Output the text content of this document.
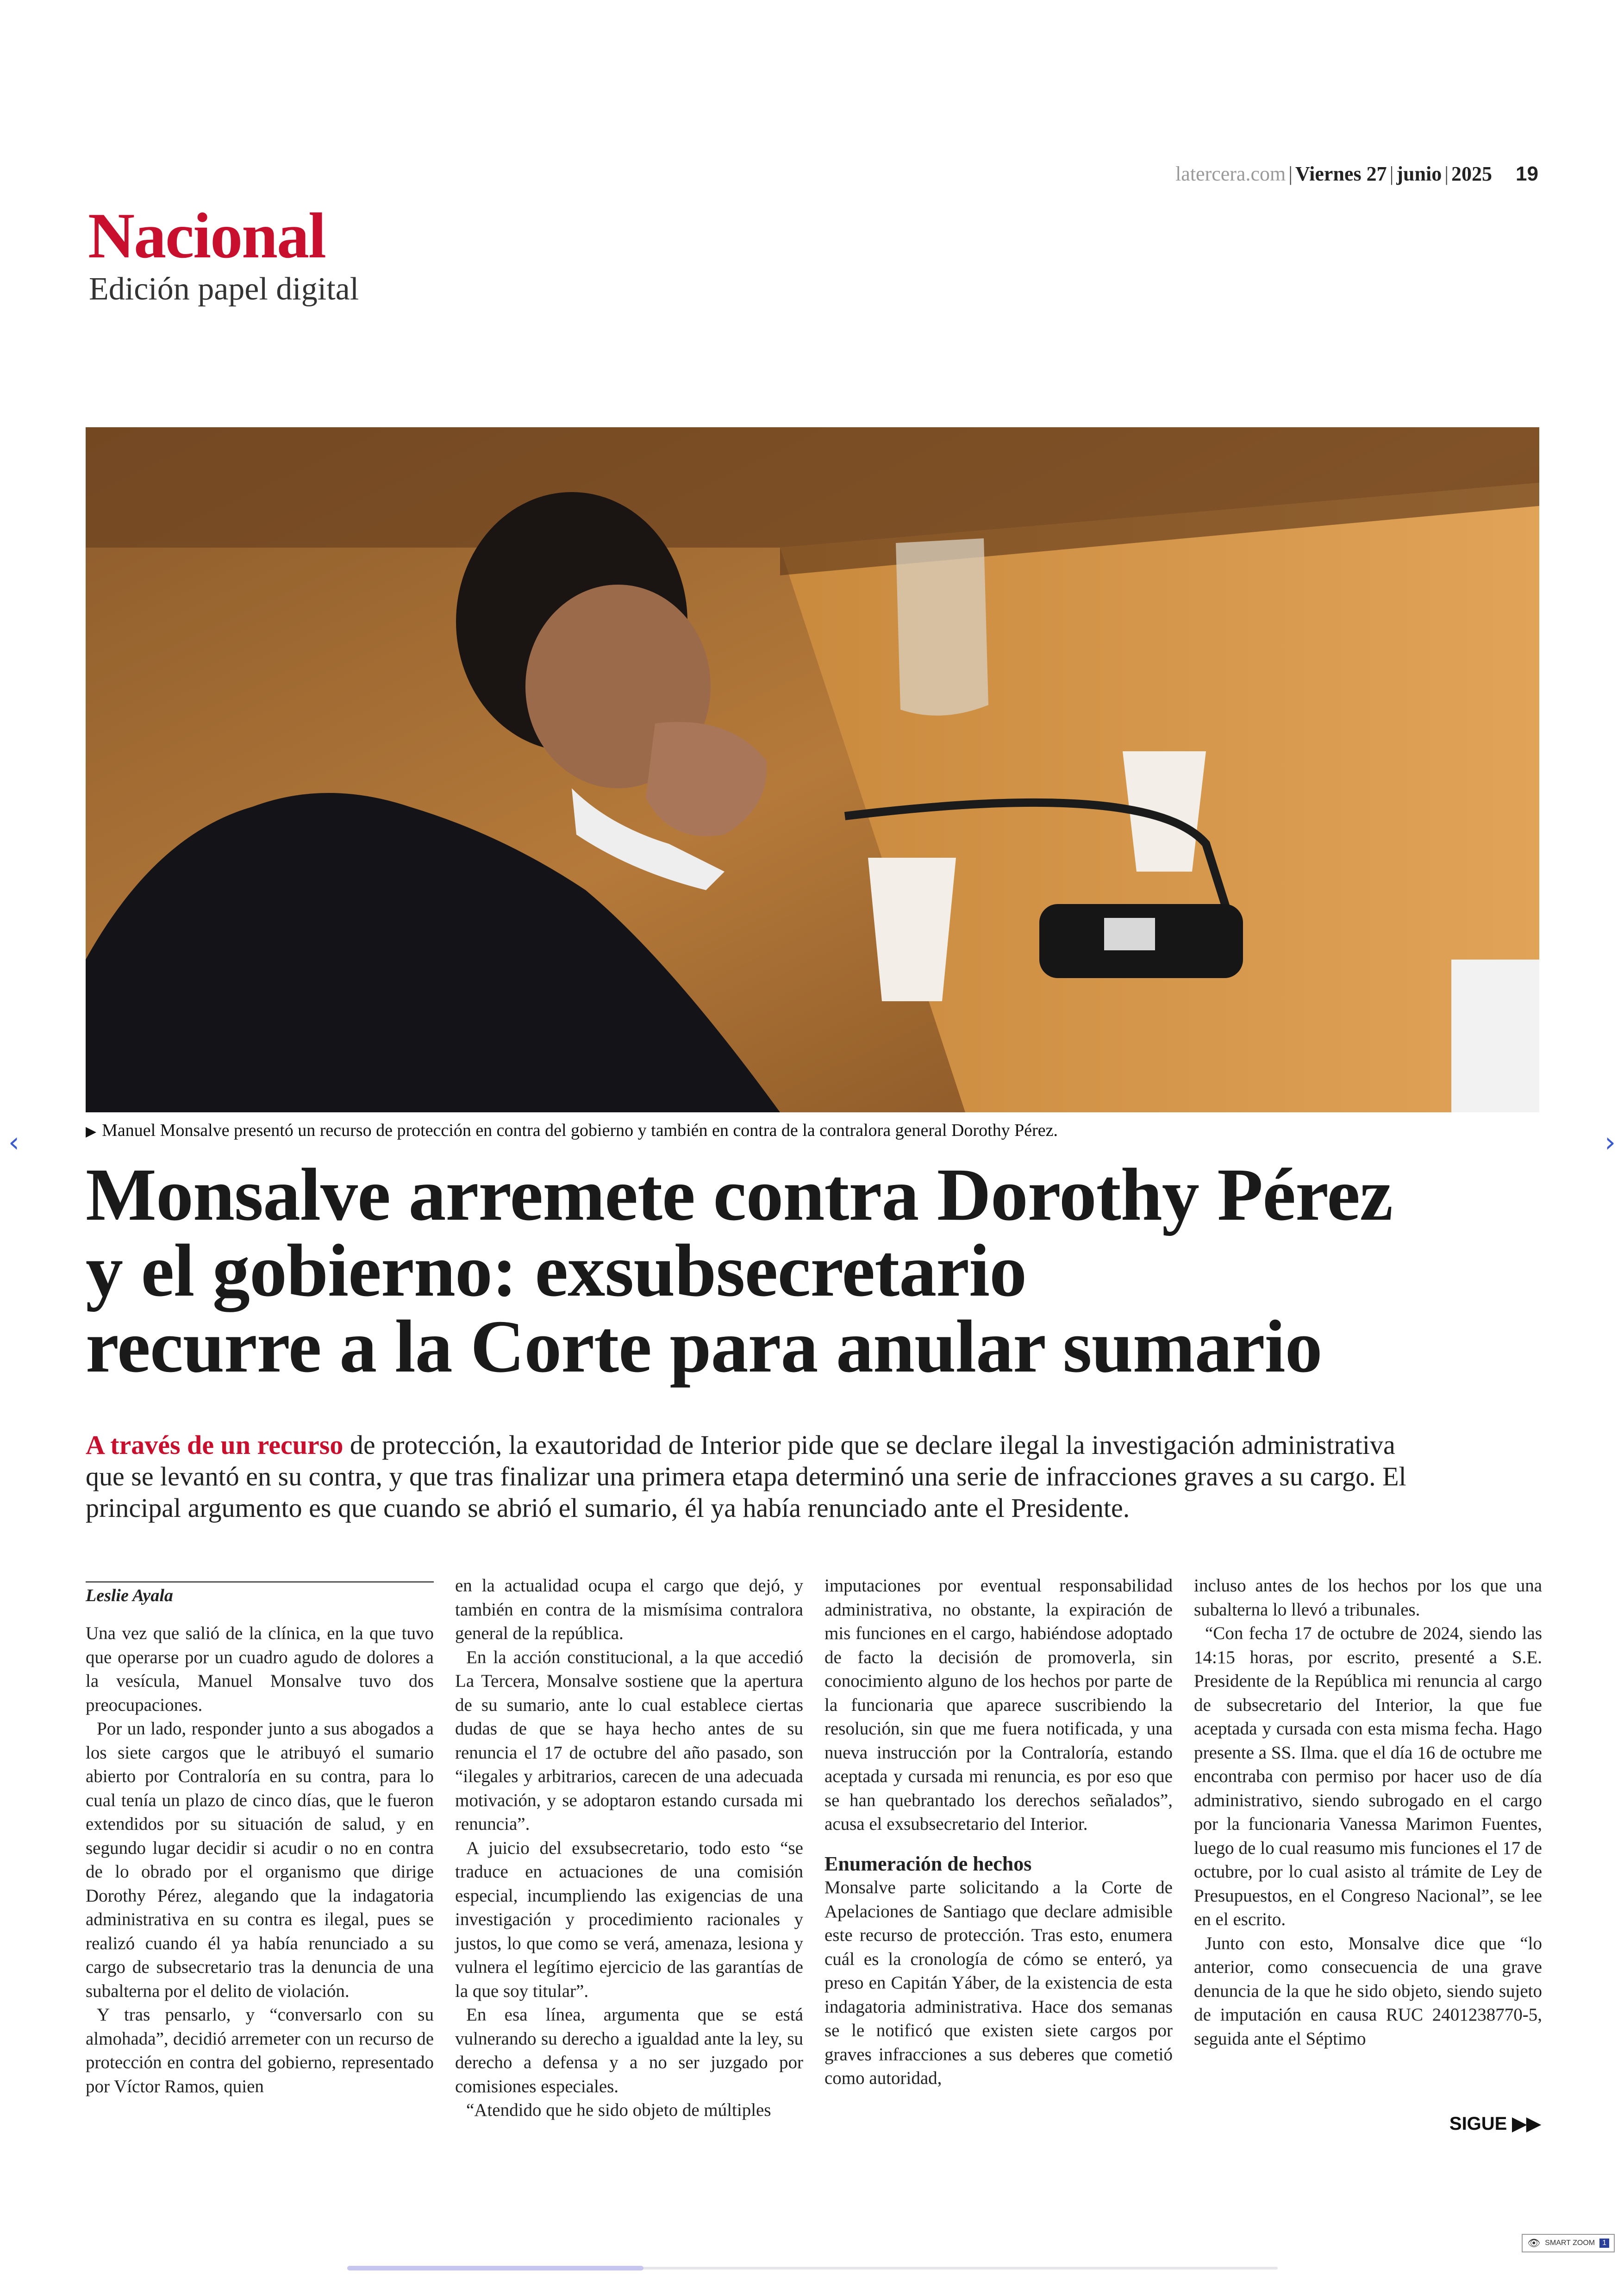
latercera.com | Viernes 27 | junio | 2025 19
Nacional
Edición papel digital
▶ Manuel Monsalve presentó un recurso de protección en contra del gobierno y también en contra de la contralora general Dorothy Pérez.
‹	›
Monsalve arremete contra Dorothy Pérez
y el gobierno: exsubsecretario
recurre a la Corte para anular sumario
A través de un recurso de protección, la exautoridad de Interior pide que se declare ilegal la investigación administrativa
que se levantó en su contra, y que tras finalizar una primera etapa determinó una serie de infracciones graves a su cargo. El
principal argumento es que cuando se abrió el sumario, él ya había renunciado ante el Presidente.
Leslie Ayala

Una vez que salió de la clínica, en la que tuvo que operarse por un cuadro agudo de dolores a la vesícula, Manuel Monsalve tuvo dos preocupaciones.

Por un lado, responder junto a sus abogados a los siete cargos que le atribuyó el sumario abierto por Contraloría en su contra, para lo cual tenía un plazo de cinco días, que le fueron extendidos por su situación de salud, y en segundo lugar decidir si acudir o no en contra de lo obrado por el organismo que dirige Dorothy Pérez, alegando que la indagatoria administrativa en su contra es ilegal, pues se realizó cuando él ya había renunciado a su cargo de subsecretario tras la denuncia de una subalterna por el delito de violación.

Y tras pensarlo, y “conversarlo con su almohada”, decidió arremeter con un recurso de protección en contra del gobierno, representado por Víctor Ramos, quien

en la actualidad ocupa el cargo que dejó, y también en contra de la mismísima contralora general de la república.

En la acción constitucional, a la que accedió La Tercera, Monsalve sostiene que la apertura de su sumario, ante lo cual establece ciertas dudas de que se haya hecho antes de su renuncia el 17 de octubre del año pasado, son “ilegales y arbitrarios, carecen de una adecuada motivación, y se adoptaron estando cursada mi renuncia”.

A juicio del exsubsecretario, todo esto “se traduce en actuaciones de una comisión especial, incumpliendo las exigencias de una investigación y procedimiento racionales y justos, lo que como se verá, amenaza, lesiona y vulnera el legítimo ejercicio de las garantías de la que soy titular”.

En esa línea, argumenta que se está vulnerando su derecho a igualdad ante la ley, su derecho a defensa y a no ser juzgado por comisiones especiales.

“Atendido que he sido objeto de múltiples

imputaciones por eventual responsabilidad administrativa, no obstante, la expiración de mis funciones en el cargo, habiéndose adoptado de facto la decisión de promoverla, sin conocimiento alguno de los hechos por parte de la funcionaria que aparece suscribiendo la resolución, sin que me fuera notificada, y una nueva instrucción por la Contraloría, estando aceptada y cursada mi renuncia, es por eso que se han quebrantado los derechos señalados”, acusa el exsubsecretario del Interior.

Enumeración de hechos

Monsalve parte solicitando a la Corte de Apelaciones de Santiago que declare admisible este recurso de protección. Tras esto, enumera cuál es la cronología de cómo se enteró, ya preso en Capitán Yáber, de la existencia de esta indagatoria administrativa. Hace dos semanas se le notificó que existen siete cargos por graves infracciones a sus deberes que cometió como autoridad,

incluso antes de los hechos por los que una subalterna lo llevó a tribunales.

“Con fecha 17 de octubre de 2024, siendo las 14:15 horas, por escrito, presenté a S.E. Presidente de la República mi renuncia al cargo de subsecretario del Interior, la que fue aceptada y cursada con esta misma fecha. Hago presente a SS. Ilma. que el día 16 de octubre me encontraba con permiso por hacer uso de día administrativo, siendo subrogado en el cargo por la funcionaria Vanessa Marimon Fuentes, luego de lo cual reasumo mis funciones el 17 de octubre, por lo cual asisto al trámite de Ley de Presupuestos, en el Congreso Nacional”, se lee en el escrito.

Junto con esto, Monsalve dice que “lo anterior, como consecuencia de una grave denuncia de la que he sido objeto, siendo sujeto de imputación en causa RUC 2401238770-5, seguida ante el Séptimo

SIGUE ▶▶
👁 SMART ZOOM	1
